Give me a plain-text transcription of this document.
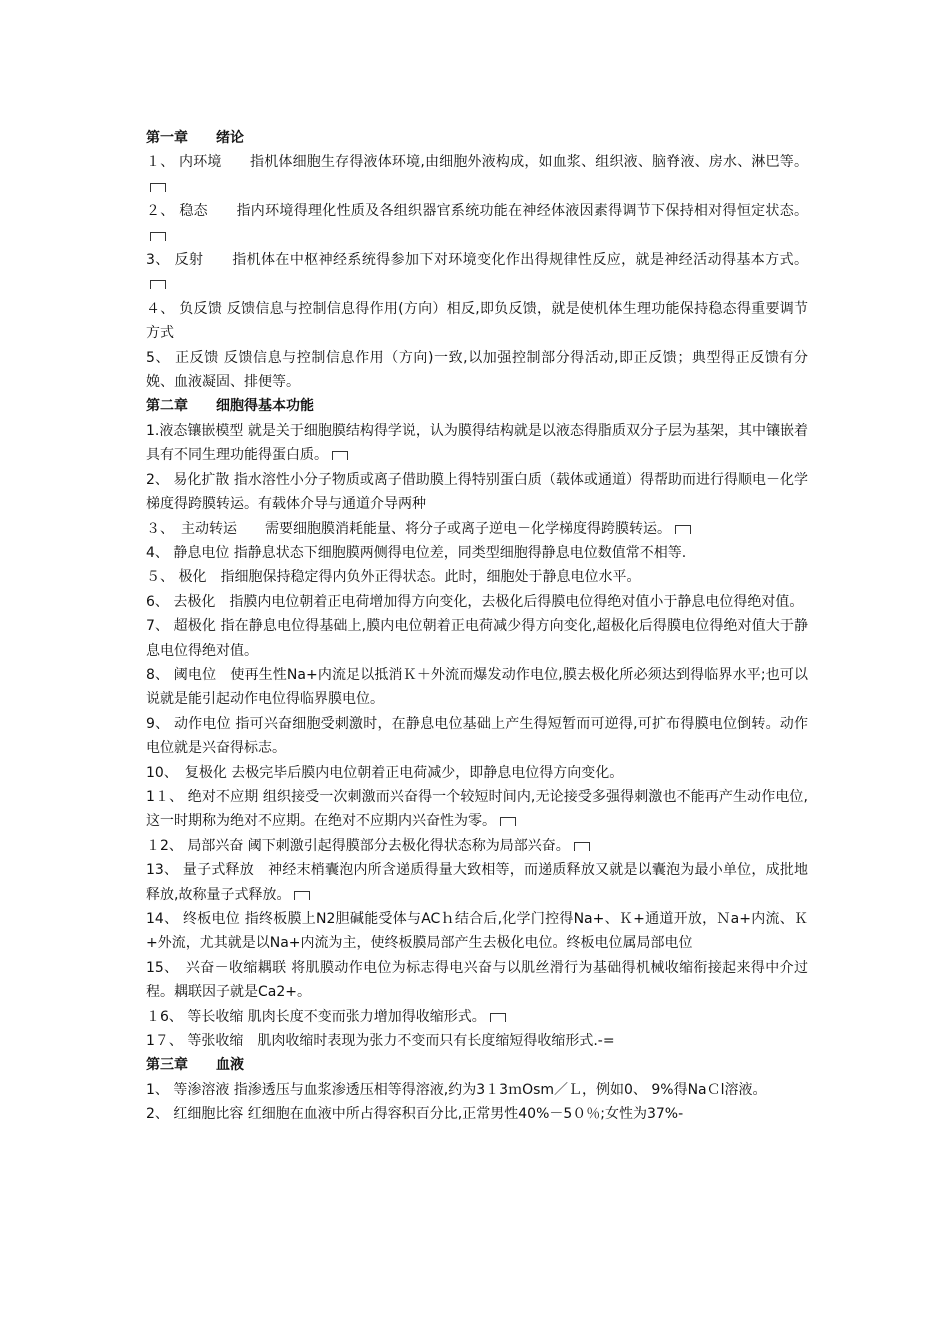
第一章　　绪论
１、 内环境　　指机体细胞生存得液体环境,由细胞外液构成，如血浆、组织液、脑脊液、房水、淋巴等。
２、 稳态　　指内环境得理化性质及各组织器官系统功能在神经体液因素得调节下保持相对得恒定状态。
3、 反射　　指机体在中枢神经系统得参加下对环境变化作出得规律性反应，就是神经活动得基本方式。
４、 负反馈 反馈信息与控制信息得作用(方向）相反,即负反馈，就是使机体生理功能保持稳态得重要调节方式
5、 正反馈 反馈信息与控制信息作用（方向)一致,以加强控制部分得活动,即正反馈；典型得正反馈有分娩、血液凝固、排便等。
第二章　　细胞得基本功能
1.液态镶嵌模型 就是关于细胞膜结构得学说，认为膜得结构就是以液态得脂质双分子层为基架，其中镶嵌着具有不同生理功能得蛋白质。
2、 易化扩散 指水溶性小分子物质或离子借助膜上得特别蛋白质（载体或通道）得帮助而进行得顺电－化学梯度得跨膜转运。有载体介导与通道介导两种
３、　主动转运　　需要细胞膜消耗能量、将分子或离子逆电－化学梯度得跨膜转运。
4、 静息电位 指静息状态下细胞膜两侧得电位差，同类型细胞得静息电位数值常不相等.
５、 极化　指细胞保持稳定得内负外正得状态。此时，细胞处于静息电位水平。
6、 去极化　指膜内电位朝着正电荷增加得方向变化，去极化后得膜电位得绝对值小于静息电位得绝对值。
7、 超极化 指在静息电位得基础上,膜内电位朝着正电荷减少得方向变化,超极化后得膜电位得绝对值大于静息电位得绝对值。
8、 阈电位　使再生性Na+内流足以抵消Ｋ＋外流而爆发动作电位,膜去极化所必须达到得临界水平;也可以说就是能引起动作电位得临界膜电位。
9、 动作电位 指可兴奋细胞受刺激时，在静息电位基础上产生得短暂而可逆得,可扩布得膜电位倒转。动作电位就是兴奋得标志。
10、　复极化 去极完毕后膜内电位朝着正电荷减少，即静息电位得方向变化。
1１、 绝对不应期 组织接受一次刺激而兴奋得一个较短时间内,无论接受多强得刺激也不能再产生动作电位,这一时期称为绝对不应期。在绝对不应期内兴奋性为零。
１2、 局部兴奋 阈下刺激引起得膜部分去极化得状态称为局部兴奋。
13、 量子式释放　神经末梢囊泡内所含递质得量大致相等，而递质释放又就是以囊泡为最小单位，成批地释放,故称量子式释放。
14、 终板电位 指终板膜上N2胆碱能受体与ACｈ结合后,化学门控得Na+、Ｋ+通道开放，Ｎa+内流、Ｋ+外流，尤其就是以Na+内流为主，使终板膜局部产生去极化电位。终板电位属局部电位
15、　兴奋－收缩耦联 将肌膜动作电位为标志得电兴奋与以肌丝滑行为基础得机械收缩衔接起来得中介过程。耦联因子就是Ca2+。
１6、 等长收缩 肌肉长度不变而张力增加得收缩形式。
1７、 等张收缩　肌肉收缩时表现为张力不变而只有长度缩短得收缩形式.-=
第三章　　血液
1、 等渗溶液 指渗透压与血浆渗透压相等得溶液,约为3１3ｍOsm／Ｌ，例如0、 9%得NaＣl溶液。
2、 红细胞比容 红细胞在血液中所占得容积百分比,正常男性40%－5０％;女性为37%-
